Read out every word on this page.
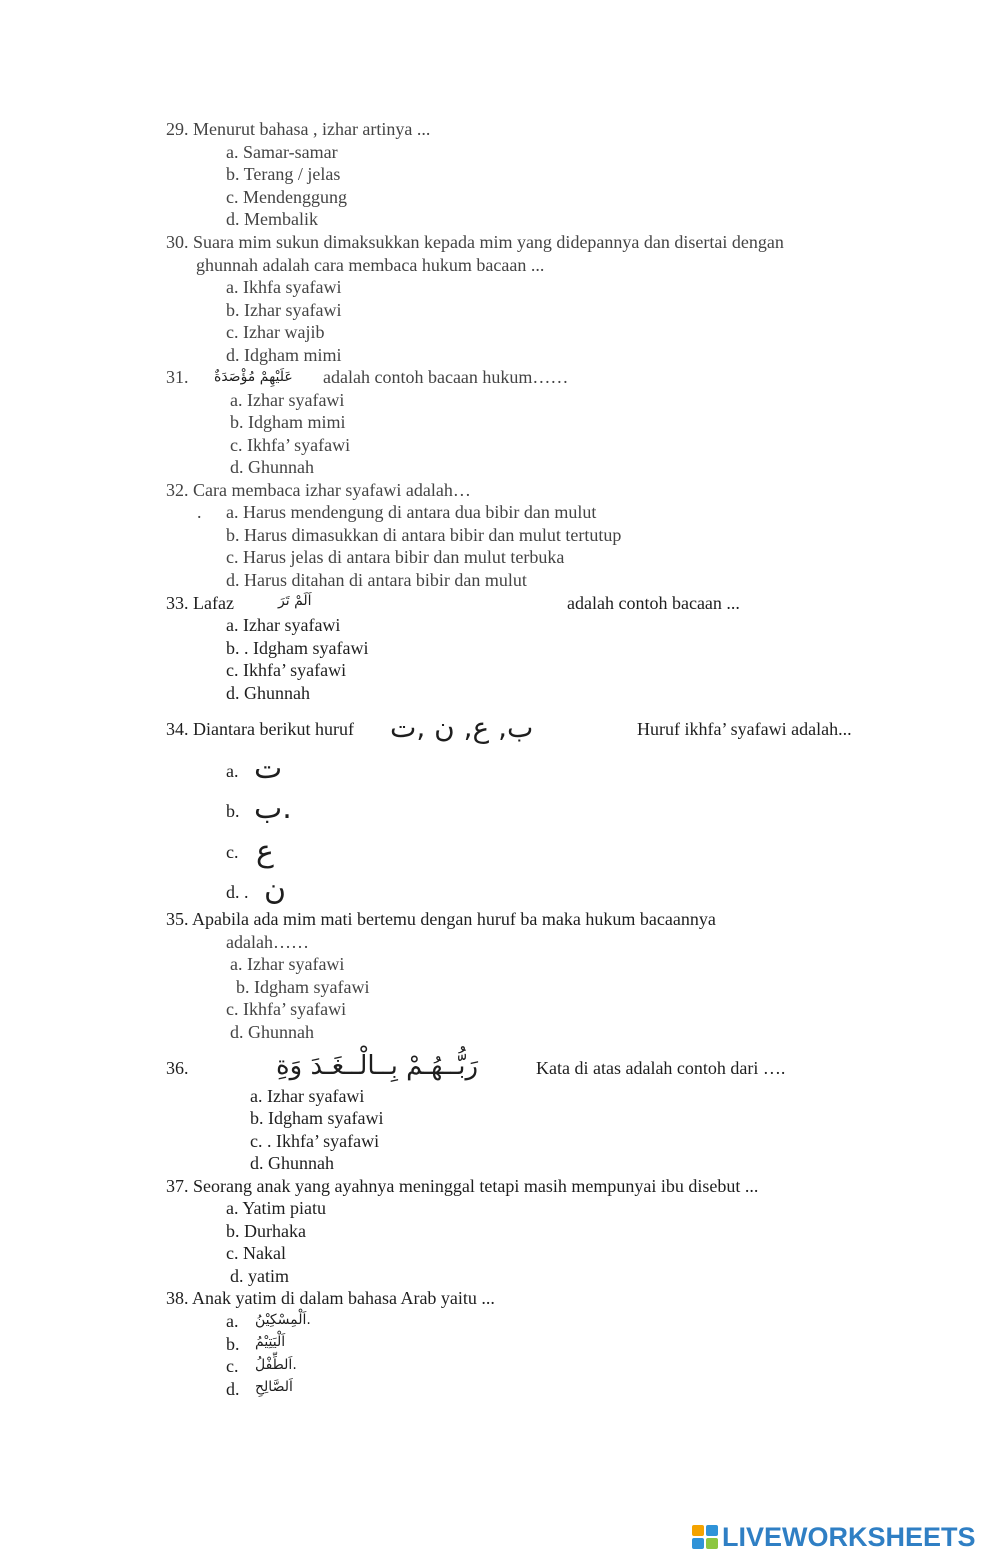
29. Menurut bahasa , izhar artinya ...
a. Samar-samar
b. Terang / jelas
c. Mendenggung
d. Membalik
30. Suara mim sukun dimaksukkan kepada mim yang didepannya dan disertai dengan
ghunnah adalah cara membaca hukum bacaan ...
a. Ikhfa syafawi
b. Izhar syafawi
c. Izhar wajib
d. Idgham mimi
31. عَلَيْهِمْ مُؤْصَدَةٌ adalah contoh bacaan hukum……
a. Izhar syafawi
b. Idgham mimi
c. Ikhfa’ syafawi
d. Ghunnah
32. Cara membaca izhar syafawi adalah…
. a. Harus mendengung di antara dua bibir dan mulut
b. Harus dimasukkan di antara bibir dan mulut tertutup
c. Harus jelas di antara bibir dan mulut terbuka
d. Harus ditahan di antara bibir dan mulut
33. Lafaz	اَلَمْ تَرَ	adalah contoh bacaan ...
a. Izhar syafawi
b. . Idgham syafawi
c. Ikhfa’ syafawi
d. Ghunnah
34. Diantara berikut huruf ب, ع, ن ,ت	Huruf ikhfa’ syafawi adalah...
a. ت
b. .ب
c. ع
d. . ن
35. Apabila ada mim mati bertemu dengan huruf ba maka hukum bacaannya
adalah……
a. Izhar syafawi
b. Idgham syafawi
c. Ikhfa’ syafawi
d. Ghunnah
36.	رَبُّــهُـمْ بِــالْــغَـدَ وَةِ	Kata di atas adalah contoh dari ….
a. Izhar syafawi
b. Idgham syafawi
c. . Ikhfa’ syafawi
d. Ghunnah
37. Seorang anak yang ayahnya meninggal tetapi masih mempunyai ibu disebut ...
a. Yatim piatu
b. Durhaka
c. Nakal
d. yatim
38. Anak yatim di dalam bahasa Arab yaitu ...
a. .اَلْمِسْكِيْنُ
b. اَلْيَتِيْمُ
c. .اَلطِّفْلُ
d. اَلصَّالِحِ
LIVEWORKSHEETS
